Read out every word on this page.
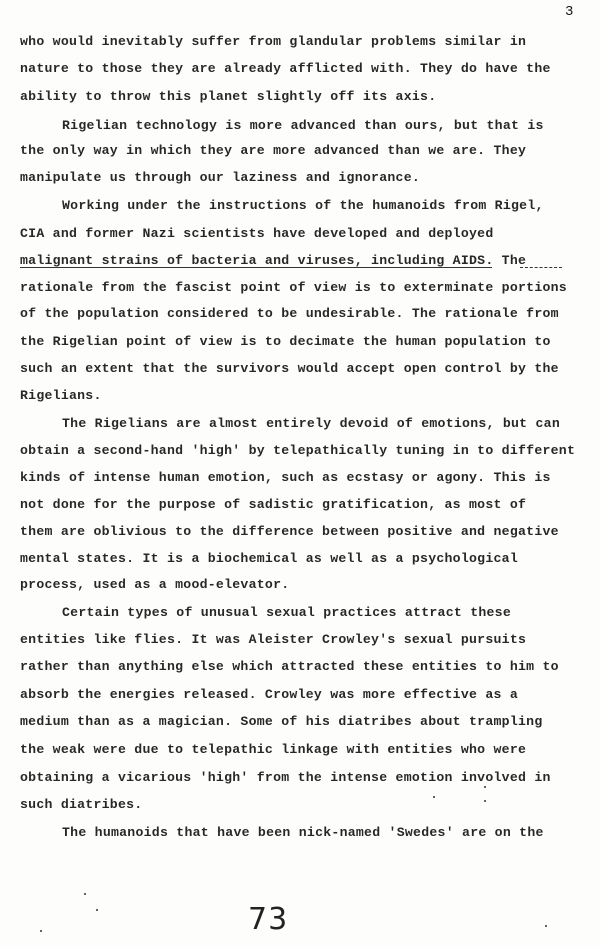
3
who would inevitably suffer from glandular problems similar in
nature to those they are already afflicted with. They do have the
ability to throw this planet slightly off its axis.
Rigelian technology is more advanced than ours, but that is
the only way in which they are more advanced than we are. They
manipulate us through our laziness and ignorance.
Working under the instructions of the humanoids from Rigel,
CIA and former Nazi scientists have developed and deployed
malignant strains of bacteria and viruses, including AIDS. The
rationale from the fascist point of view is to exterminate portions
of the population considered to be undesirable. The rationale from
the Rigelian point of view is to decimate the human population to
such an extent that the survivors would accept open control by the
Rigelians.
The Rigelians are almost entirely devoid of emotions, but can
obtain a second-hand 'high' by telepathically tuning in to different
kinds of intense human emotion, such as ecstasy or agony. This is
not done for the purpose of sadistic gratification, as most of
them are oblivious to the difference between positive and negative
mental states. It is a biochemical as well as a psychological
process, used as a mood-elevator.
Certain types of unusual sexual practices attract these
entities like flies. It was Aleister Crowley's sexual pursuits
rather than anything else which attracted these entities to him to
absorb the energies released. Crowley was more effective as a
medium than as a magician. Some of his diatribes about trampling
the weak were due to telepathic linkage with entities who were
obtaining a vicarious 'high' from the intense emotion involved in
such diatribes.
The humanoids that have been nick-named 'Swedes' are on the
73
